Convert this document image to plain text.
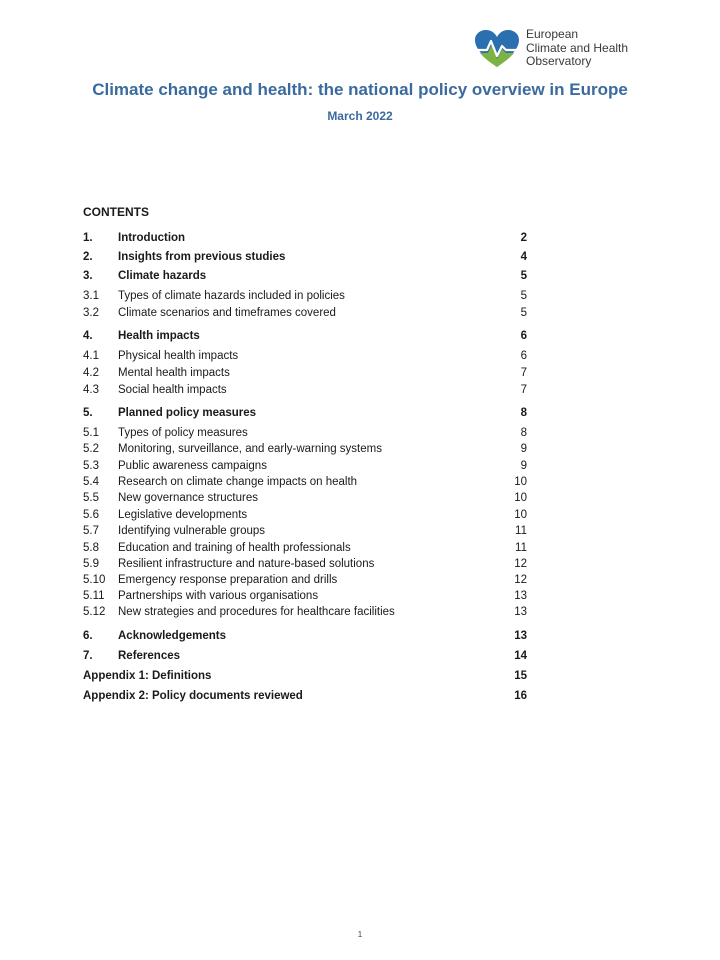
European
Climate and Health
Observatory
Climate change and health: the national policy overview in Europe
March 2022
CONTENTS
1. Introduction	2
2. Insights from previous studies	4
3. Climate hazards	5
3.1 Types of climate hazards included in policies	5
3.2 Climate scenarios and timeframes covered	5
4. Health impacts	6
4.1 Physical health impacts	6
4.2 Mental health impacts	7
4.3 Social health impacts	7
5. Planned policy measures	8
5.1 Types of policy measures	8
5.2 Monitoring, surveillance, and early-warning systems	9
5.3 Public awareness campaigns	9
5.4 Research on climate change impacts on health	10
5.5 New governance structures	10
5.6 Legislative developments	10
5.7 Identifying vulnerable groups	11
5.8 Education and training of health professionals	11
5.9 Resilient infrastructure and nature-based solutions	12
5.10 Emergency response preparation and drills	12
5.11 Partnerships with various organisations	13
5.12 New strategies and procedures for healthcare facilities	13
6. Acknowledgements	13
7. References	14
Appendix 1: Definitions	15
Appendix 2: Policy documents reviewed	16
1
